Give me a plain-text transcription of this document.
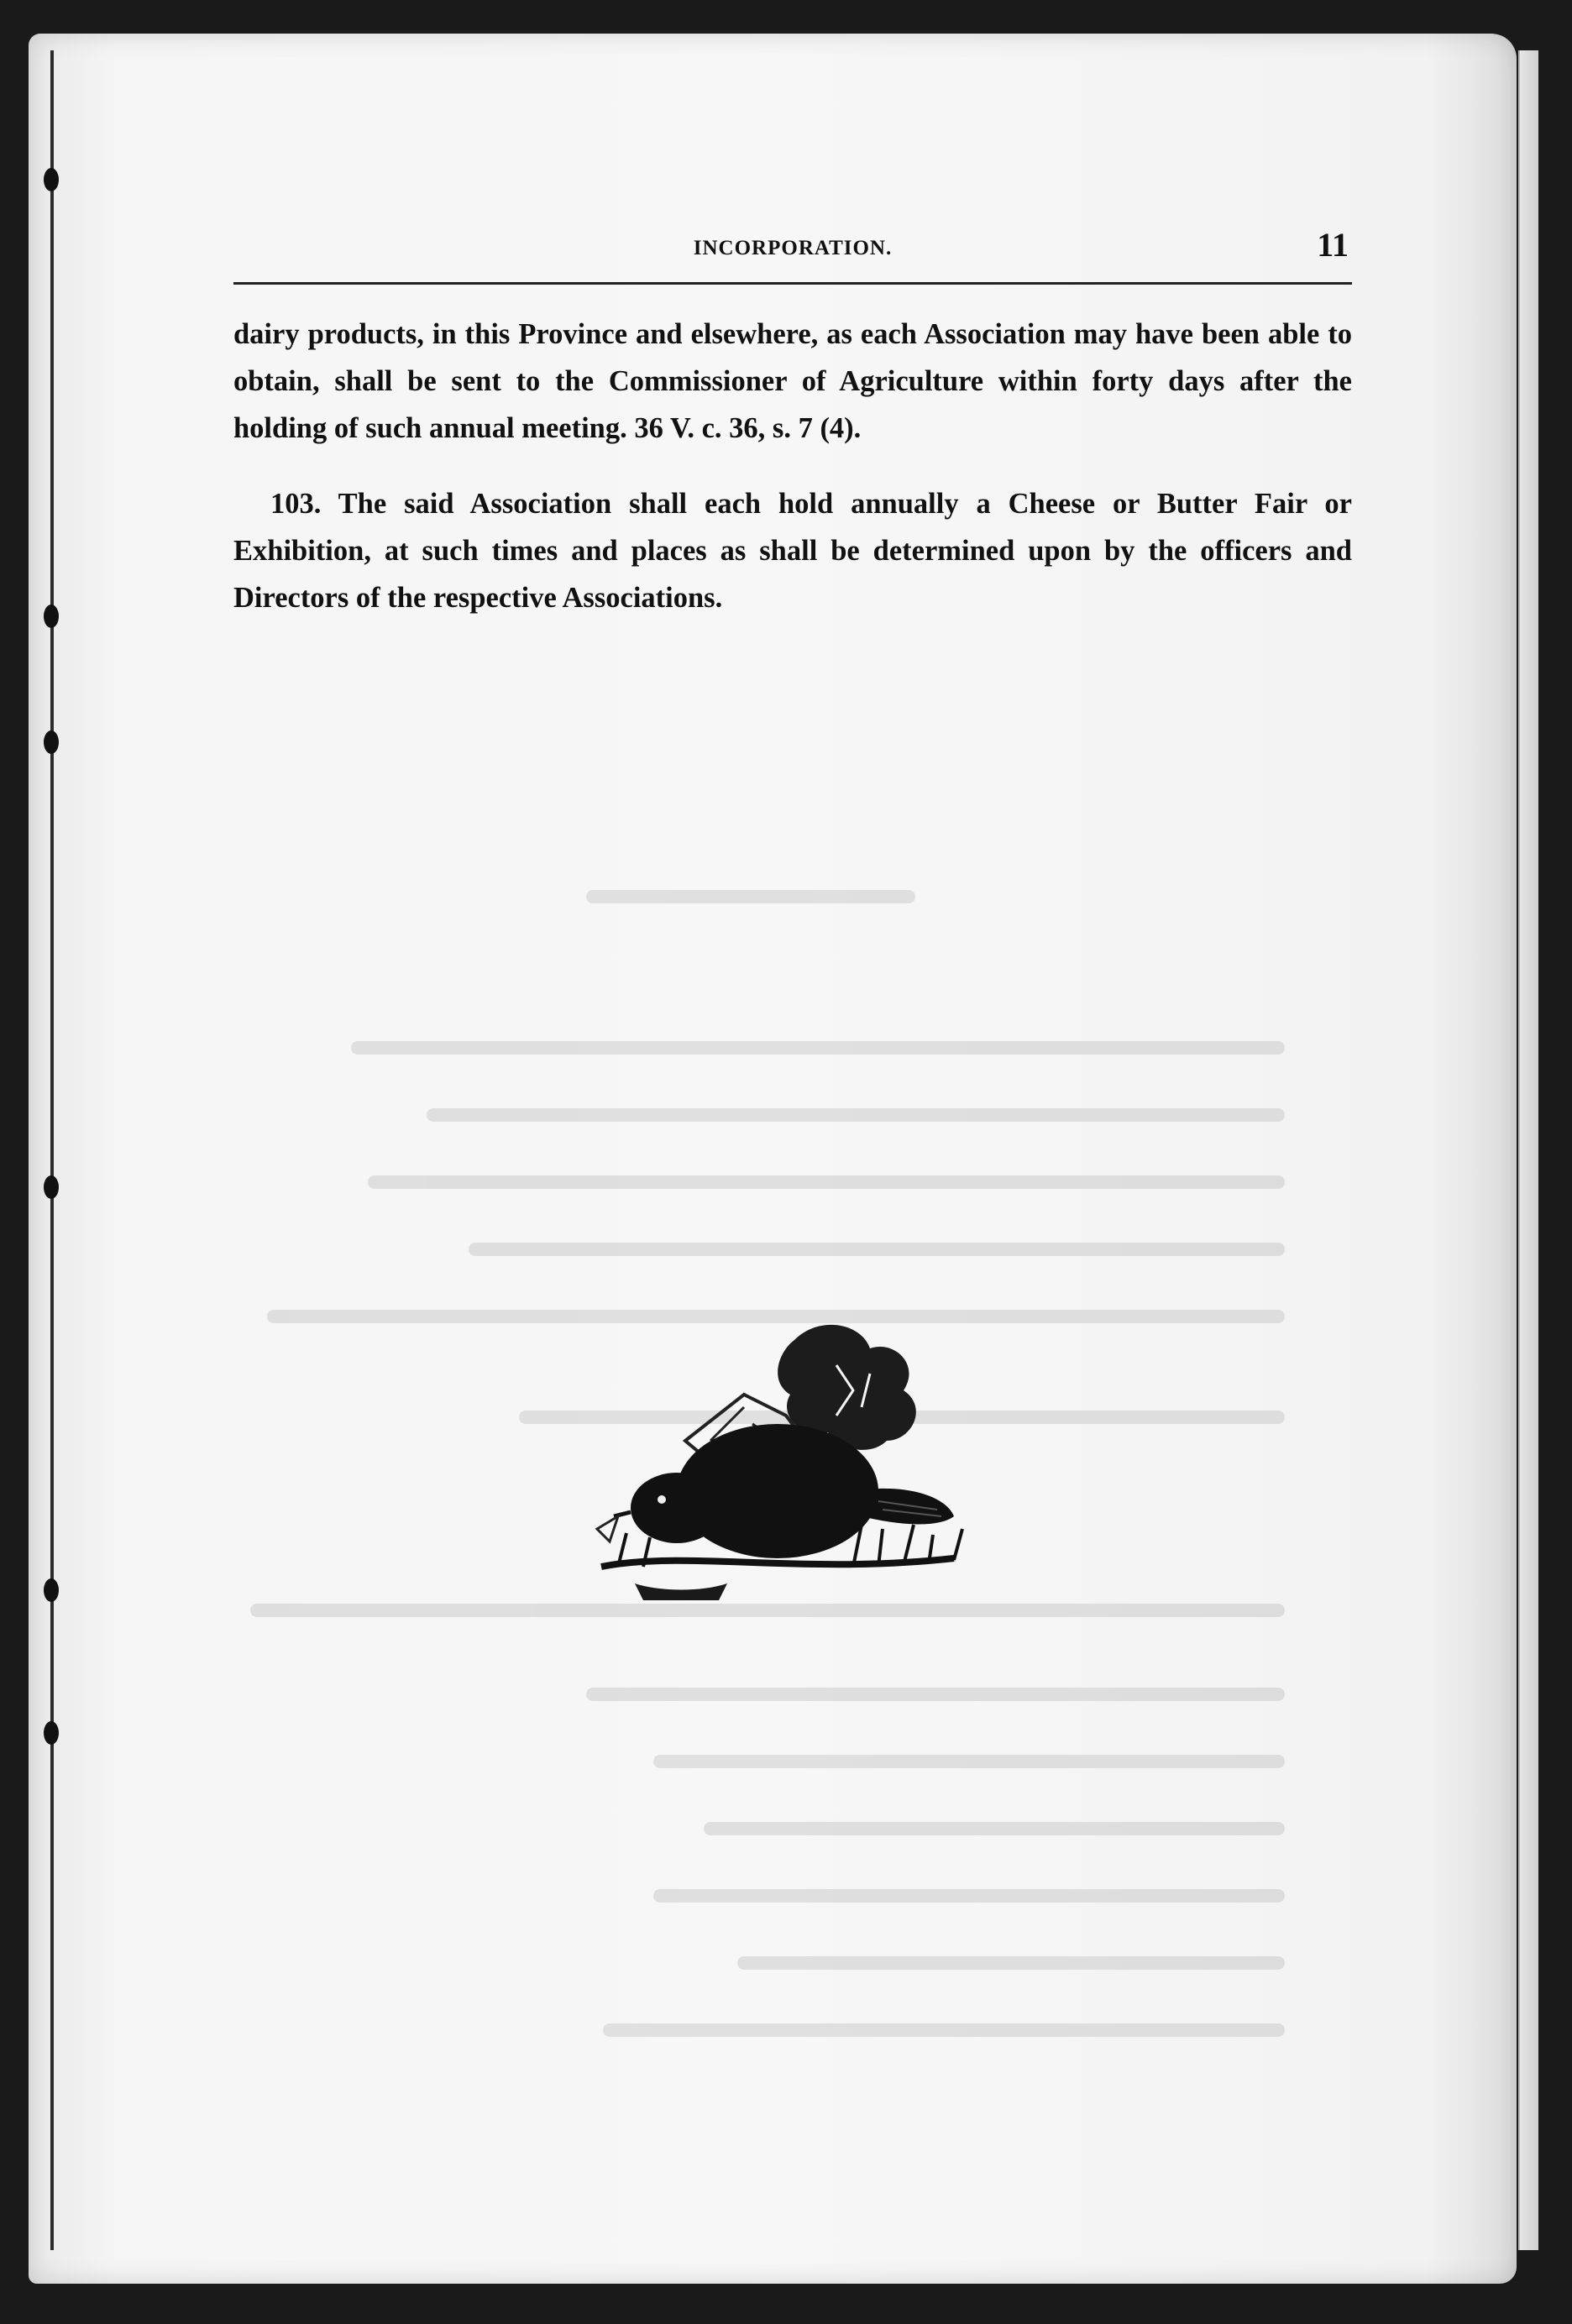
INCORPORATION.	11

dairy products, in this Province and elsewhere, as each Association may have been able to obtain, shall be sent to the Commissioner of Agriculture within forty days after the holding of such annual meeting. 36 V. c. 36, s. 7 (4).

103. The said Association shall each hold annually a Cheese or Butter Fair or Exhibition, at such times and places as shall be determined upon by the officers and Directors of the respective Associations.
